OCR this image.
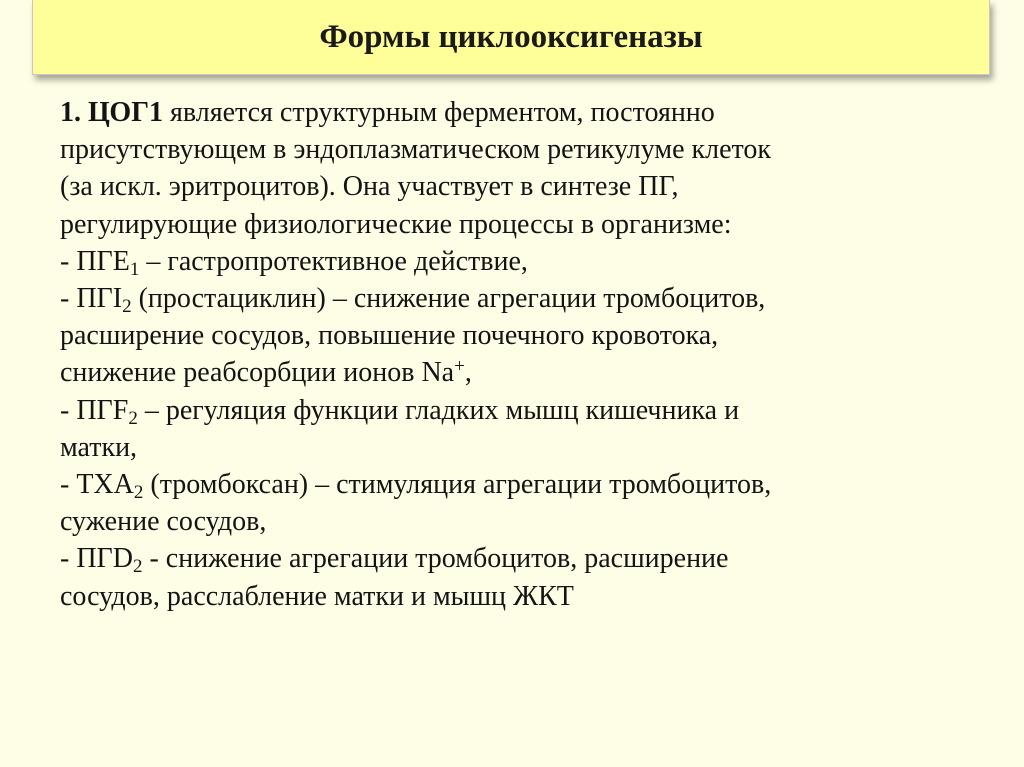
Формы циклооксигеназы
1. ЦОГ1 является структурным ферментом, постоянно
присутствующем в эндоплазматическом ретикулуме клеток
(за искл. эритроцитов). Она участвует в синтезе ПГ,
регулирующие физиологические процессы в организме:
- $ПГЕ_1$ – гастропротективное действие,
- $ПГI_2$ (простациклин) – снижение агрегации тромбоцитов,
расширение сосудов, повышение почечного кровотока,
снижение реабсорбции ионов Na+,
- $ПГF_2$ – регуляция функции гладких мышц кишечника и
матки,
- $ТХА_2$ (тромбоксан) – стимуляция агрегации тромбоцитов,
сужение сосудов,
- $ПГD_2$ - снижение агрегации тромбоцитов, расширение
сосудов, расслабление матки и мышц ЖКТ
